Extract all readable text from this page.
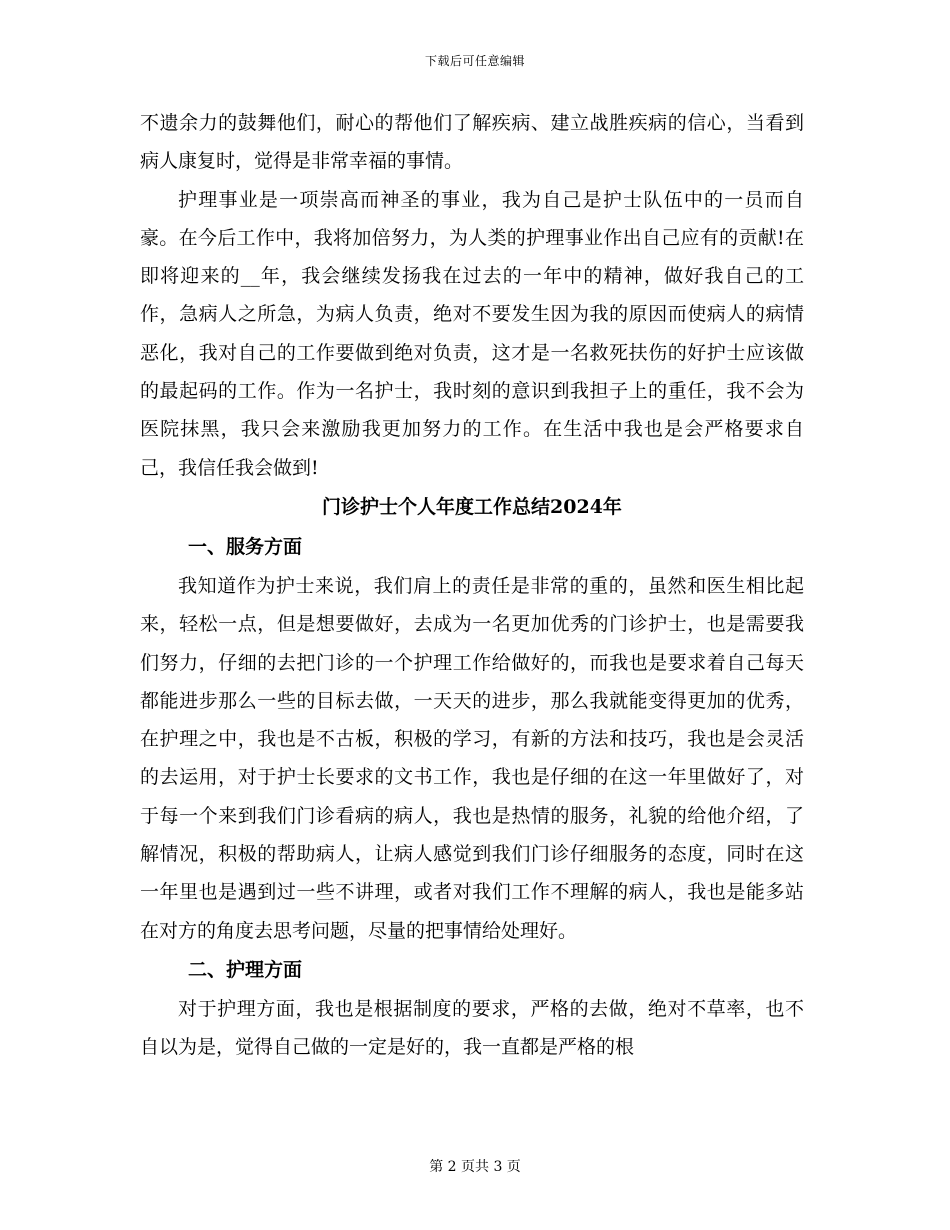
下载后可任意编辑

不遗余力的鼓舞他们，耐心的帮他们了解疾病、建立战胜疾病的信心，当看到病人康复时，觉得是非常幸福的事情。

护理事业是一项崇高而神圣的事业，我为自己是护士队伍中的一员而自豪。在今后工作中，我将加倍努力，为人类的护理事业作出自己应有的贡献!在即将迎来的__年，我会继续发扬我在过去的一年中的精神，做好我自己的工作，急病人之所急，为病人负责，绝对不要发生因为我的原因而使病人的病情恶化，我对自己的工作要做到绝对负责，这才是一名救死扶伤的好护士应该做的最起码的工作。作为一名护士，我时刻的意识到我担子上的重任，我不会为医院抹黑，我只会来激励我更加努力的工作。在生活中我也是会严格要求自己，我信任我会做到!

门诊护士个人年度工作总结2024年

一、服务方面

我知道作为护士来说，我们肩上的责任是非常的重的，虽然和医生相比起来，轻松一点，但是想要做好，去成为一名更加优秀的门诊护士，也是需要我们努力，仔细的去把门诊的一个护理工作给做好的，而我也是要求着自己每天都能进步那么一些的目标去做，一天天的进步，那么我就能变得更加的优秀，在护理之中，我也是不古板，积极的学习，有新的方法和技巧，我也是会灵活的去运用，对于护士长要求的文书工作，我也是仔细的在这一年里做好了，对于每一个来到我们门诊看病的病人，我也是热情的服务，礼貌的给他介绍，了解情况，积极的帮助病人，让病人感觉到我们门诊仔细服务的态度，同时在这一年里也是遇到过一些不讲理，或者对我们工作不理解的病人，我也是能多站在对方的角度去思考问题，尽量的把事情给处理好。

二、护理方面

对于护理方面，我也是根据制度的要求，严格的去做，绝对不草率，也不自以为是，觉得自己做的一定是好的，我一直都是严格的根

第 2 页共 3 页
